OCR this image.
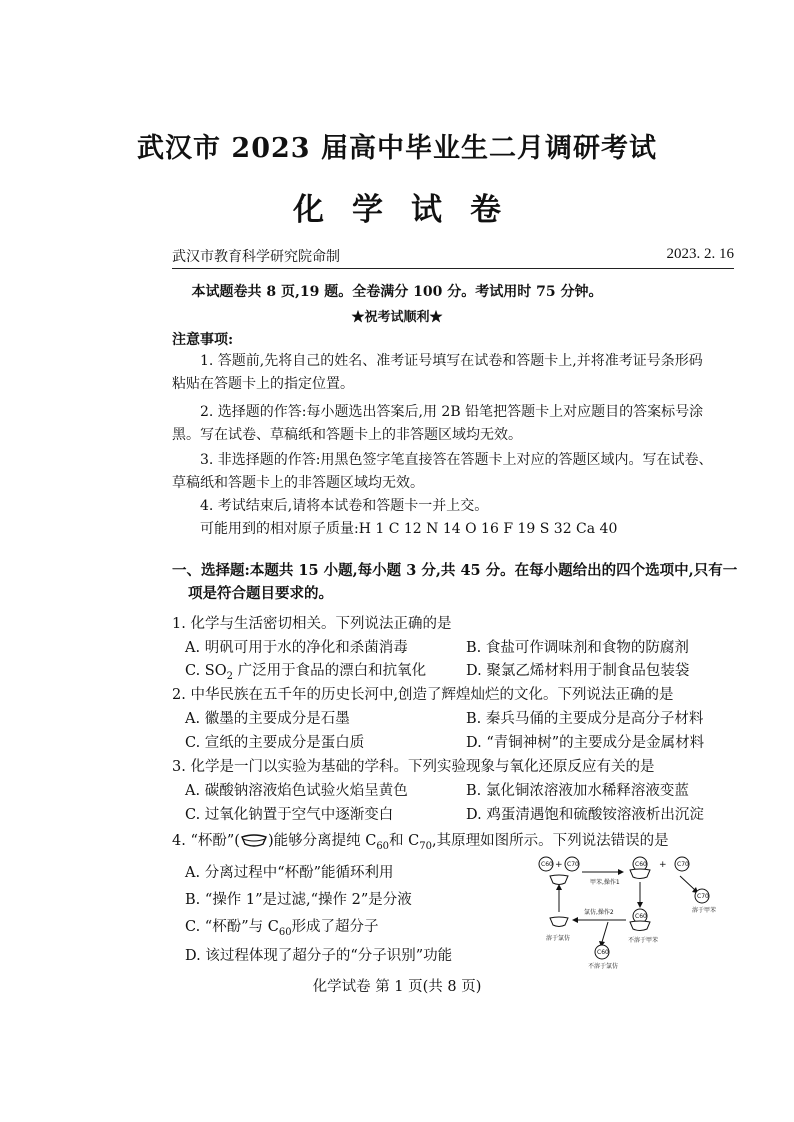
武汉市 2023 届高中毕业生二月调研考试
化学试卷
武汉市教育科学研究院命制	2023. 2. 16
本试题卷共 8 页,19 题。全卷满分 100 分。考试用时 75 分钟。
★祝考试顺利★
注意事项:
1. 答题前,先将自己的姓名、准考证号填写在试卷和答题卡上,并将准考证号条形码
粘贴在答题卡上的指定位置。
2. 选择题的作答:每小题选出答案后,用 2B 铅笔把答题卡上对应题目的答案标号涂
黑。写在试卷、草稿纸和答题卡上的非答题区域均无效。
3. 非选择题的作答:用黑色签字笔直接答在答题卡上对应的答题区域内。写在试卷、
草稿纸和答题卡上的非答题区域均无效。
4. 考试结束后,请将本试卷和答题卡一并上交。
可能用到的相对原子质量:H 1 C 12 N 14 O 16 F 19 S 32 Ca 40
一、选择题:本题共 15 小题,每小题 3 分,共 45 分。在每小题给出的四个选项中,只有一
项是符合题目要求的。
1. 化学与生活密切相关。下列说法正确的是
A. 明矾可用于水的净化和杀菌消毒	B. 食盐可作调味剂和食物的防腐剂
C. $SO_2$ 广泛用于食品的漂白和抗氧化	D. 聚氯乙烯材料用于制食品包装袋
2. 中华民族在五千年的历史长河中,创造了辉煌灿烂的文化。下列说法正确的是
A. 徽墨的主要成分是石墨	B. 秦兵马俑的主要成分是高分子材料
C. 宣纸的主要成分是蛋白质	D. “青铜神树”的主要成分是金属材料
3. 化学是一门以实验为基础的学科。下列实验现象与氧化还原反应有关的是
A. 碳酸钠溶液焰色试验火焰呈黄色	B. 氯化铜浓溶液加水稀释溶液变蓝
C. 过氧化钠置于空气中逐渐变白	D. 鸡蛋清遇饱和硫酸铵溶液析出沉淀
4. “杯酚”( )能够分离提纯 $C_{60}$和 $C_{70}$,其原理如图所示。下列说法错误的是
A. 分离过程中“杯酚”能循环利用
B. “操作 1”是过滤,“操作 2”是分液
C. “杯酚”与 $C_{60}$形成了超分子
D. 该过程体现了超分子的“分子识别”功能
C60 + C70
甲苯,操作1
C60 + C70
C70
溶于甲苯
C60
不溶于甲苯
氯仿,操作2
溶于氯仿
C60
不溶于氯仿
化学试卷 第 1 页(共 8 页)
